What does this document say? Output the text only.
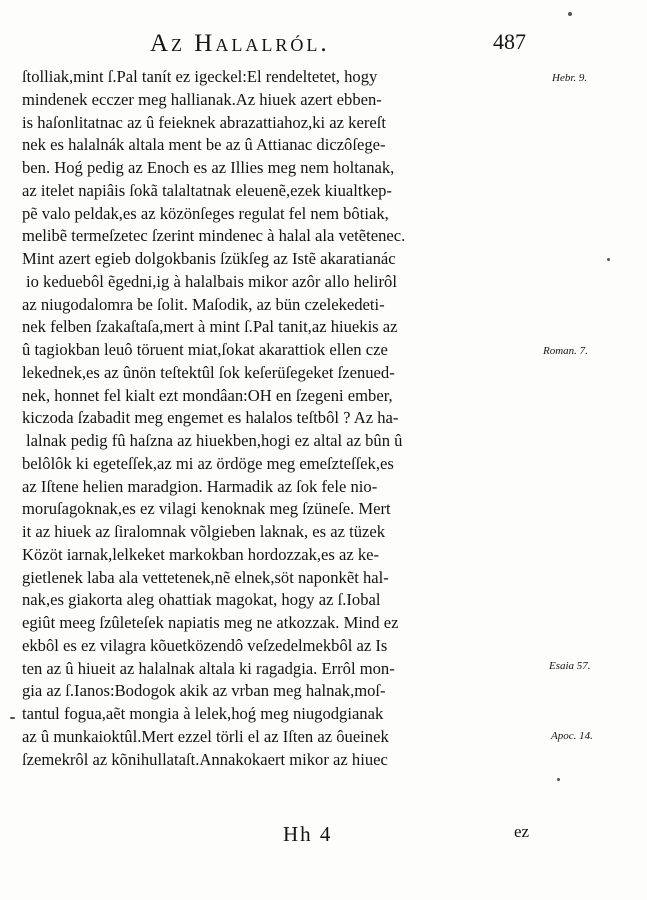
Az Halalról.	487
ſtolliak,mint ſ.Pal tanít ez igeckel:El rendeltetet, hogy
mindenek ecczer meg hallianak.Az hiuek azert ebben-
is haſonlitatnac az û feieknek abrazattiahoz,ki az kereſt
nek es halalnák altala ment be az û Attianac diczôſege-
ben. Hoǵ pedig az Enoch es az Illies meg nem holtanak,
az itelet napiâis ſokã talaltatnak eleuenẽ,ezek kiualtkep-
pẽ valo peldak,es az közönſeges regulat fel nem bôtiak,
melibẽ termeſzetec ſzerint mindenec à halal ala vetẽtenec.
Mint azert egieb dolgokbanis ſzükſeg az Istẽ akaratianác
io keduebôl ẽgedni,ig à halalbais mikor azôr allo helirôl
az niugodalomra be ſolit. Maſodik, az bün czelekedeti-
nek felben ſzakaſtaſa,mert à mint ſ.Pal tanit,az hiuekis az
û tagiokban leuô töruent miat,ſokat akarattiok ellen cze
lekednek,es az ûnön teſtektûl ſok keſerüſegeket ſzenued-
nek, honnet fel kialt ezt mondâan:OH en ſzegeni ember,
kiczoda ſzabadit meg engemet es halalos teſtbôl ? Az ha-
lalnak pedig fû haſzna az hiuekben,hogi ez altal az bûn û
belôlôk ki egeteſſek,az mi az ördöge meg emeſzteſſek,es
az Iſtene helien maradgion. Harmadik az ſok fele nio-
moruſagoknak,es ez vilagi kenoknak meg ſzüneſe. Mert
it az hiuek az ſiralomnak võlgieben laknak, es az tüzek
Közöt iarnak,lelkeket markokban hordozzak,es az ke-
gietlenek laba ala vettetenek,nẽ elnek,söt naponkẽt hal-
nak,es giakorta aleg ohattiak magokat, hogy az ſ.Iobal
egiût meeg ſzûleteſek napiatis meg ne atkozzak. Mind ez
ekbôl es ez vilagra kõuetközendô veſzedelmekbôl az Is
ten az û hiueit az halalnak altala ki ragadgia. Errôl mon-
gia az ſ.Ianos:Bodogok akik az vrban meg halnak,moſ-
tantul fogua,aẽt mongia à lelek,hoǵ meg niugodgianak
az û munkaioktûl.Mert ezzel törli el az Iſten az ôueinek
ſzemekrôl az kõnihullataſt.Annakokaert mikor az hiuec
Hebr. 9.
Roman. 7.
Esaia 57.
Apoc. 14.
Hh 4	ez
